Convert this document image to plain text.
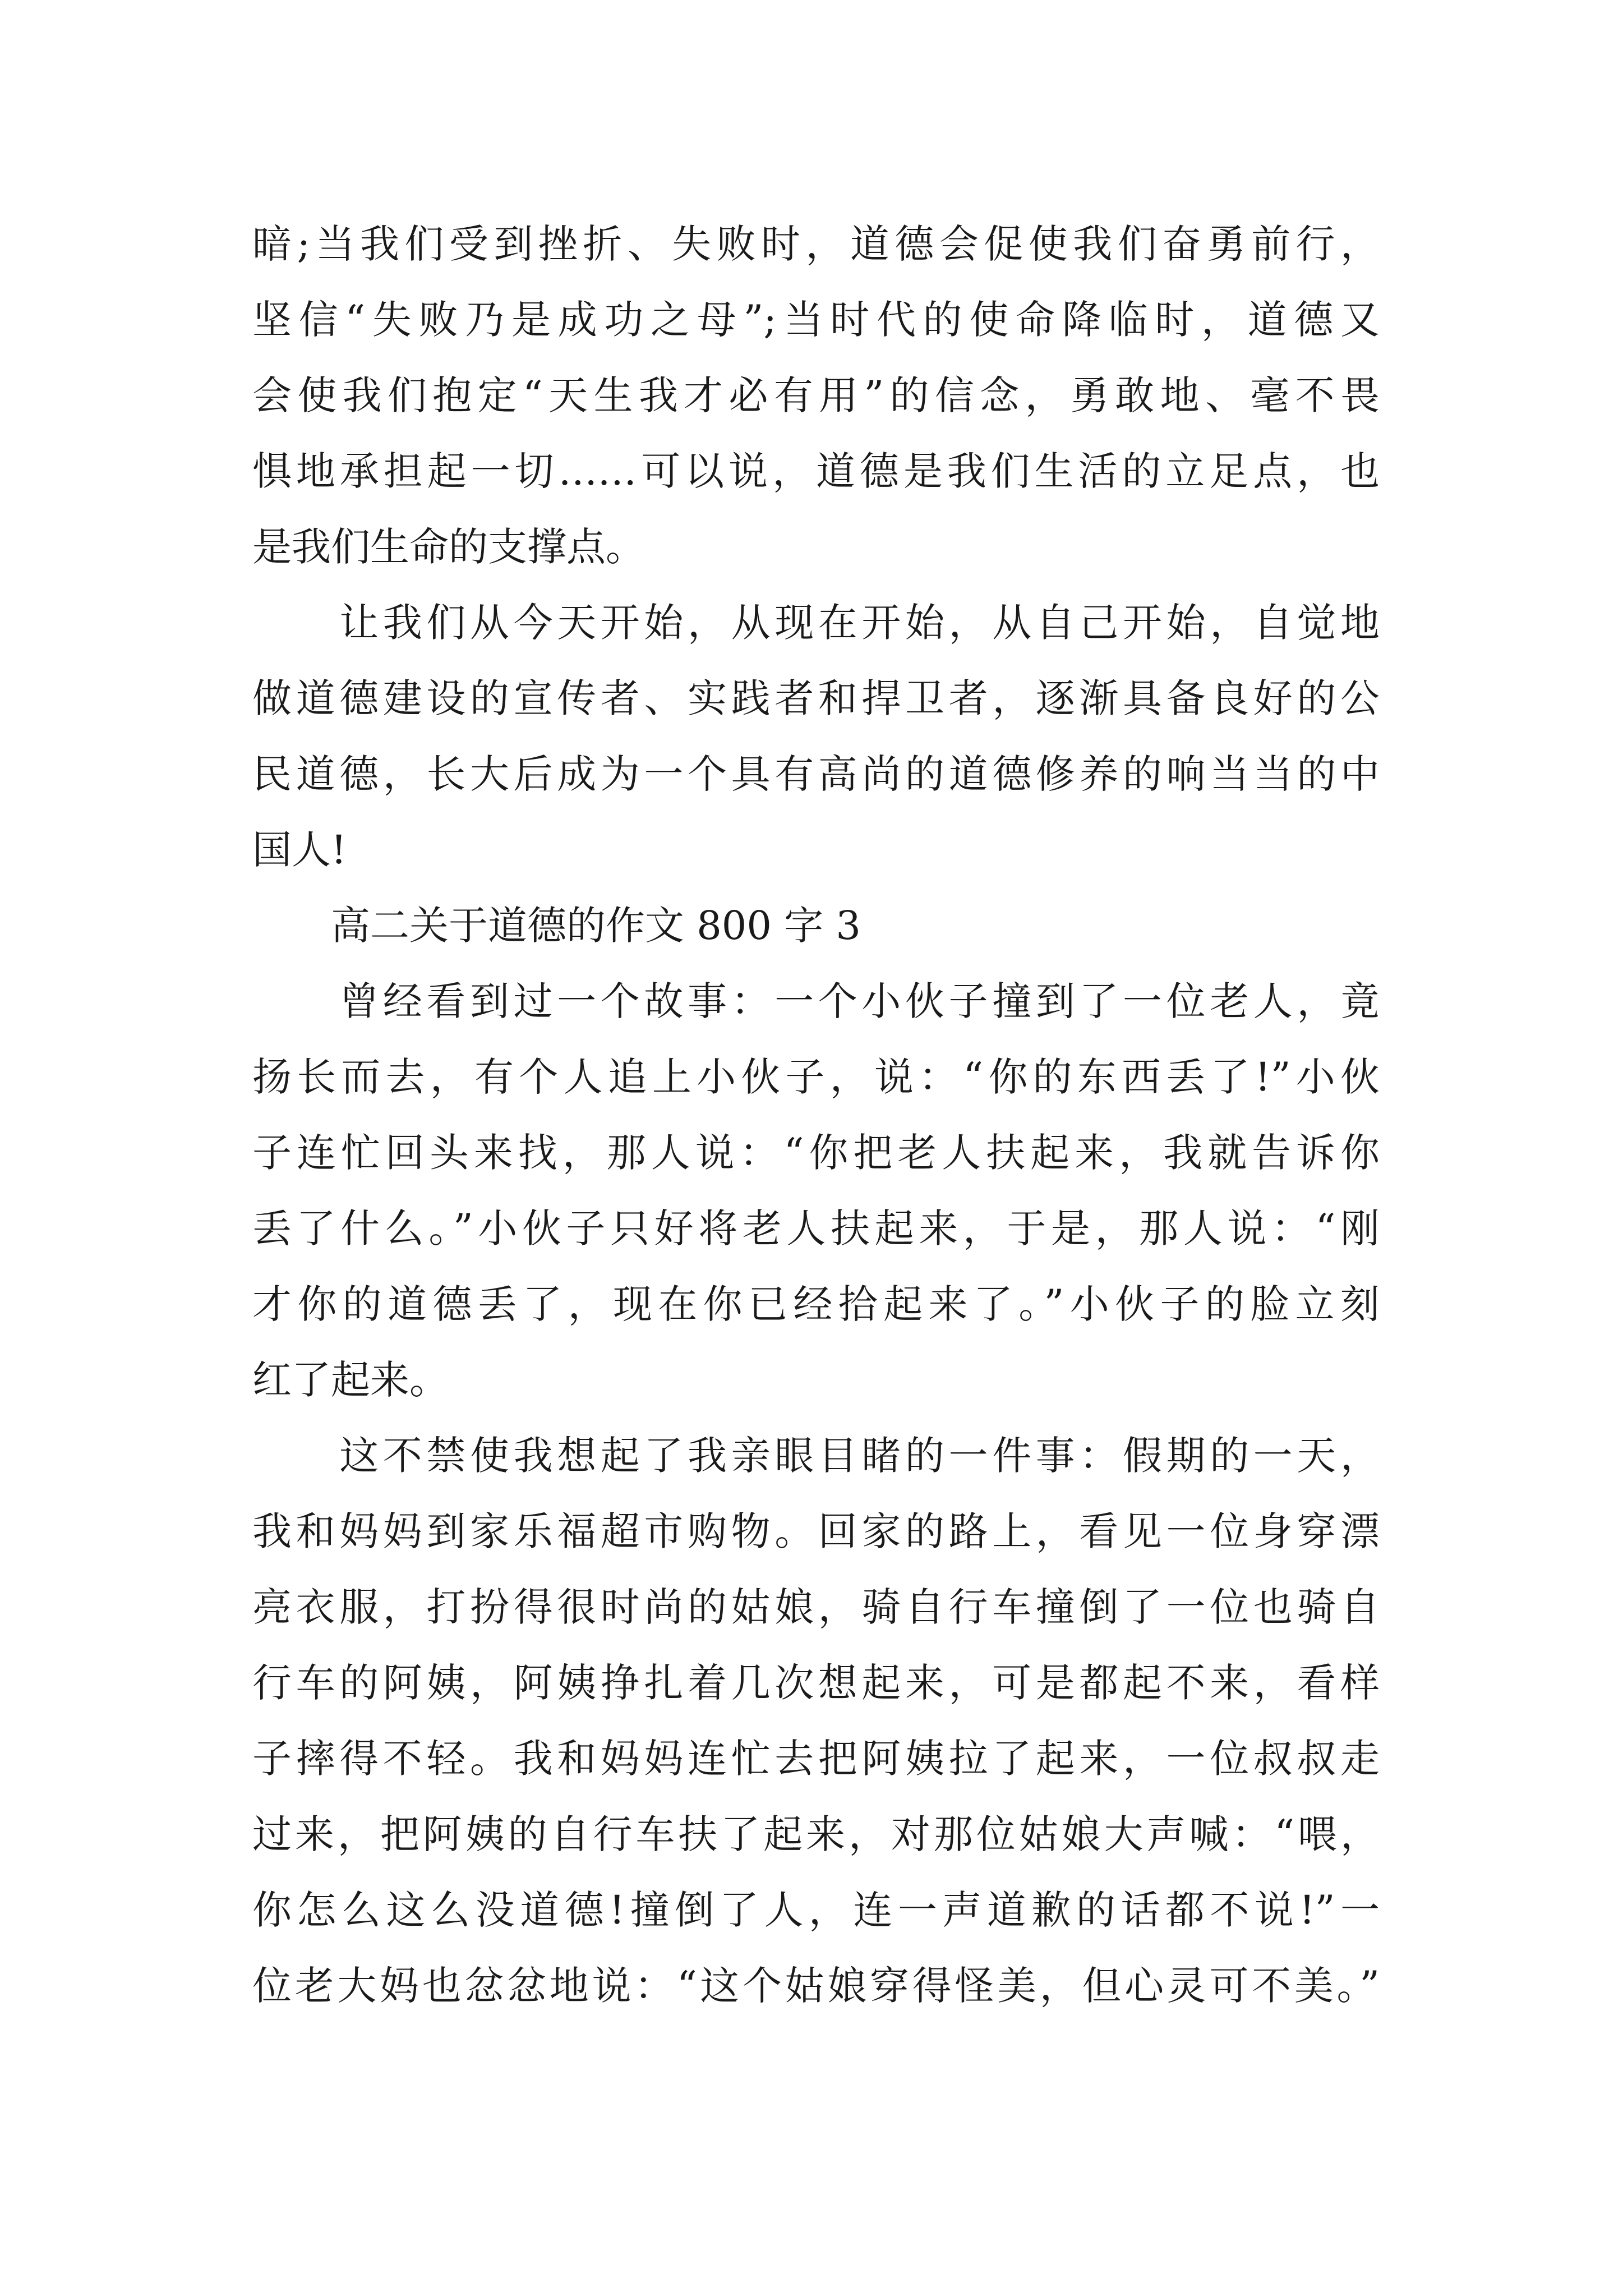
暗;当我们受到挫折、失败时，道德会促使我们奋勇前行，
坚信“失败乃是成功之母”;当时代的使命降临时，道德又
会使我们抱定“天生我才必有用”的信念，勇敢地、毫不畏
惧地承担起一切……可以说，道德是我们生活的立足点，也
是我们生命的支撑点。
　　让我们从今天开始，从现在开始，从自己开始，自觉地
做道德建设的宣传者、实践者和捍卫者，逐渐具备良好的公
民道德，长大后成为一个具有高尚的道德修养的响当当的中
国人!
　　高二关于道德的作文 800 字 3
　　曾经看到过一个故事：一个小伙子撞到了一位老人，竟
扬长而去，有个人追上小伙子，说：“你的东西丢了!”小伙
子连忙回头来找，那人说：“你把老人扶起来，我就告诉你
丢了什么。”小伙子只好将老人扶起来，于是，那人说：“刚
才你的道德丢了，现在你已经拾起来了。”小伙子的脸立刻
红了起来。
　　这不禁使我想起了我亲眼目睹的一件事：假期的一天，
我和妈妈到家乐福超市购物。回家的路上，看见一位身穿漂
亮衣服，打扮得很时尚的姑娘，骑自行车撞倒了一位也骑自
行车的阿姨，阿姨挣扎着几次想起来，可是都起不来，看样
子摔得不轻。我和妈妈连忙去把阿姨拉了起来，一位叔叔走
过来，把阿姨的自行车扶了起来，对那位姑娘大声喊：“喂，
你怎么这么没道德!撞倒了人，连一声道歉的话都不说!”一
位老大妈也忿忿地说：“这个姑娘穿得怪美，但心灵可不美。”
